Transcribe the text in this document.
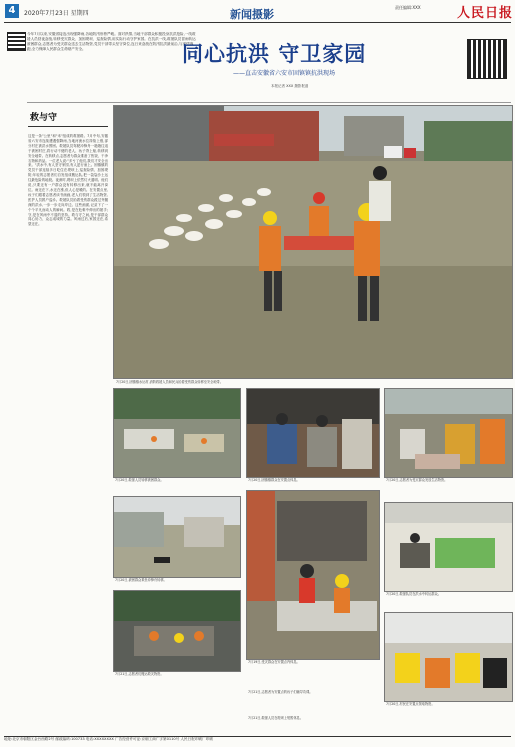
4	2020年7月23日 星期四	新闻摄影
责任编辑:XXX	人民日报
今年7月以来,安徽省接连出现强降雨,各地防汛形势严峻。面对汛情,当地干部群众积极投身抗洪抢险,一线救援人员昼夜奋战,转移受灾群众、加固堤坝、巡查险情,用实际行动守护家园。在抗洪一线,救援队员冒雨转运被困群众,志愿者为受灾群众送去生活物资,党员干部带头坚守岗位,连日来奋战在防汛抗洪最前沿,与汛情赛跑,全力保障人民群众生命财产安全。	同心抗洪 守卫家园
——直击安徽省六安市固镇镇抗洪现场
本报记者 XXX 摄影报道
救与守
这是一条"公里"和"米"组成的救援路。7月中旬,安徽省六安市连续遭遇强降雨,当地河流水位持续上涨,部分村庄被洪水围困。救援队员驾驶冲锋舟一趟趟往返于被困村庄,将行动不便的老人、孩子背上船,转移到安全地带。在转移点,志愿者为群众准备了热饭、干净衣物和药品。一位老人说:"多亏了他们,我们才安全出来。"洪水中,有人坚守家园,有人逆行而上。固镇镇的党员干部连续多日吃住在堤坝上,巡查险情、加固堤防;年轻的志愿者们自发组成搬运队,把一袋袋沙土运往最危险的地段。夜深时,堤坝上依然灯火通明。他们说,只要还有一户群众没有转移出来,就不能离开岗位。雨还在下,水还在涨,但人心是暖的。在安置点里,孩子们跟着志愿者读书画画,老人们领到了生活物资,医护人员挨户巡诊。救援队员抬着受伤群众蹚过齐腰深的洪水,一步一步走向岸边。这些画面,记录下了一个个平凡而动人的瞬间。救,是在危难中伸出的援手;守,是在风雨中不退的坚持。救与守之间,是干部群众同心协力、众志成城的力量。风雨过后,家园还在,希望还在。
7月20日,固镇镇水运村,消防救援人员和民兵抬着受伤群众转移至安全地带。
7月20日,救援人员转移被困群众。	7月20日,固镇镇群众在安置点休息。	7月20日,志愿者为受灾群众发放生活物资。
7月20日,被困群众乘坐冲锋舟转移。
7月19日,受灾群众在安置点内休息。
7月20日,救援队员在洪水中转运群众。
7月21日,志愿者们搬运救灾物资。
7月20日,村民在安置点领取物资。
7月21日,志愿者为安置点的孩子们辅导功课。
7月21日,救援人员在堤坝上短暂休息。
地址:北京市朝阳区金台西路2号 邮政编码:100733 电话:XXXXXXXX 广告经营许可证:京朝工商广字第0110号 人民日报印刷厂印刷
